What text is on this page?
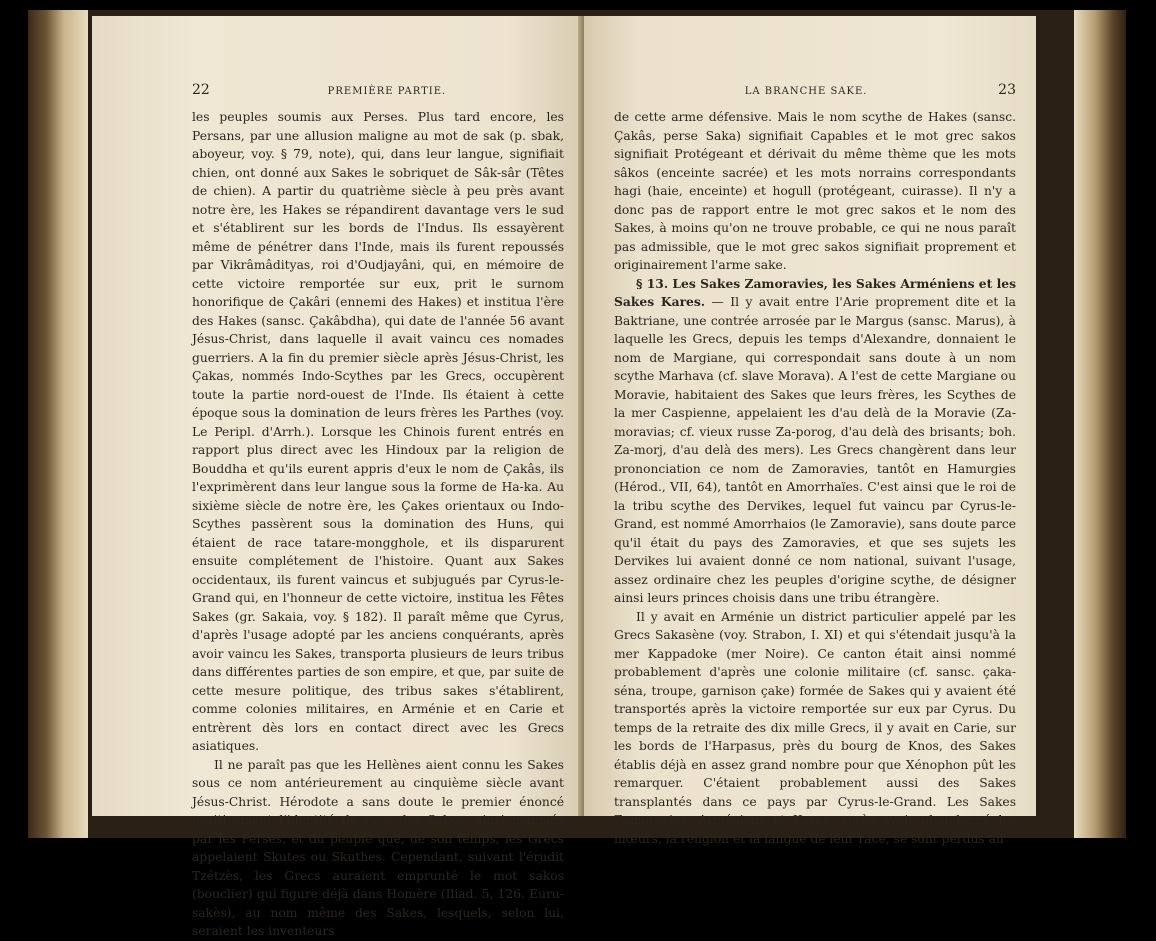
22	PREMIÈRE PARTIE.

les peuples soumis aux Perses. Plus tard encore, les Persans, par une allusion maligne au mot de sak (p. sbak, aboyeur, voy. § 79, note), qui, dans leur langue, signifiait chien, ont donné aux Sakes le sobriquet de Sâk-sâr (Têtes de chien). A partir du quatrième siècle à peu près avant notre ère, les Hakes se répandirent davantage vers le sud et s'établirent sur les bords de l'Indus. Ils essayèrent même de pénétrer dans l'Inde, mais ils furent repoussés par Vikrâmâdityas, roi d'Oudjayâni, qui, en mémoire de cette victoire remportée sur eux, prit le surnom honorifique de Çakâri (ennemi des Hakes) et institua l'ère des Hakes (sansc. Çakâbdha), qui date de l'année 56 avant Jésus-Christ, dans laquelle il avait vaincu ces nomades guerriers. A la fin du premier siècle après Jésus-Christ, les Çakas, nommés Indo-Scythes par les Grecs, occupèrent toute la partie nord-ouest de l'Inde. Ils étaient à cette époque sous la domination de leurs frères les Parthes (voy. Le Peripl. d'Arrh.). Lorsque les Chinois furent entrés en rapport plus direct avec les Hindoux par la religion de Bouddha et qu'ils eurent appris d'eux le nom de Çakâs, ils l'exprimèrent dans leur langue sous la forme de Ha-ka. Au sixième siècle de notre ère, les Çakes orientaux ou Indo-Scythes passèrent sous la domination des Huns, qui étaient de race tatare-mongghole, et ils disparurent ensuite complétement de l'histoire. Quant aux Sakes occidentaux, ils furent vaincus et subjugués par Cyrus-le-Grand qui, en l'honneur de cette victoire, institua les Fêtes Sakes (gr. Sakaia, voy. § 182). Il paraît même que Cyrus, d'après l'usage adopté par les anciens conquérants, après avoir vaincu les Sakes, transporta plusieurs de leurs tribus dans différentes parties de son empire, et que, par suite de cette mesure politique, des tribus sakes s'établirent, comme colonies militaires, en Arménie et en Carie et entrèrent dès lors en contact direct avec les Grecs asiatiques.

Il ne paraît pas que les Hellènes aient connu les Sakes sous ce nom antérieurement au cinquième siècle avant Jésus-Christ. Hérodote a sans doute le premier énoncé positivement l'identité de race des Sakes, ainsi nommés par les Perses, et du peuple que, de son temps, les Grecs appelaient Skutes ou Skuthes. Cependant, suivant l'érudit Tzétzès, les Grecs auraient emprunté le mot sakos (bouclier) qui figure déjà dans Homère (Iliad. 5, 126. Euru-sakès), au nom même des Sakes, lesquels, selon lui, seraient les inventeurs

LA BRANCHE SAKE.	23

de cette arme défensive. Mais le nom scythe de Hakes (sansc. Çakâs, perse Saka) signifiait Capables et le mot grec sakos signifiait Protégeant et dérivait du même thème que les mots sâkos (enceinte sacrée) et les mots norrains correspondants hagi (haie, enceinte) et hogull (protégeant, cuirasse). Il n'y a donc pas de rapport entre le mot grec sakos et le nom des Sakes, à moins qu'on ne trouve probable, ce qui ne nous paraît pas admissible, que le mot grec sakos signifiait proprement et originairement l'arme sake.

§ 13. Les Sakes Zamoravies, les Sakes Arméniens et les Sakes Kares. — Il y avait entre l'Arie proprement dite et la Baktriane, une contrée arrosée par le Margus (sansc. Marus), à laquelle les Grecs, depuis les temps d'Alexandre, donnaient le nom de Margiane, qui correspondait sans doute à un nom scythe Marhava (cf. slave Morava). A l'est de cette Margiane ou Moravie, habitaient des Sakes que leurs frères, les Scythes de la mer Caspienne, appelaient les d'au delà de la Moravie (Za-moravias; cf. vieux russe Za-porog, d'au delà des brisants; boh. Za-morj, d'au delà des mers). Les Grecs changèrent dans leur prononciation ce nom de Zamoravies, tantôt en Hamurgies (Hérod., VII, 64), tantôt en Amorrhaïes. C'est ainsi que le roi de la tribu scythe des Dervikes, lequel fut vaincu par Cyrus-le-Grand, est nommé Amorrhaios (le Zamoravie), sans doute parce qu'il était du pays des Zamoravies, et que ses sujets les Dervikes lui avaient donné ce nom national, suivant l'usage, assez ordinaire chez les peuples d'origine scythe, de désigner ainsi leurs princes choisis dans une tribu étrangère.

Il y avait en Arménie un district particulier appelé par les Grecs Sakasène (voy. Strabon, I. XI) et qui s'étendait jusqu'à la mer Kappadoke (mer Noire). Ce canton était ainsi nommé probablement d'après une colonie militaire (cf. sansc. çaka-séna, troupe, garnison çake) formée de Sakes qui y avaient été transportés après la victoire remportée sur eux par Cyrus. Du temps de la retraite des dix mille Grecs, il y avait en Carie, sur les bords de l'Harpasus, près du bourg de Knos, des Sakes établis déjà en assez grand nombre pour que Xénophon pût les remarquer. C'étaient probablement aussi des Sakes transplantés dans ce pays par Cyrus-le-Grand. Les Sakes Zamoravies, Arméniens et Kares, après avoir abandonné les mœurs, la religion et la langue de leur race, se sont perdus au
